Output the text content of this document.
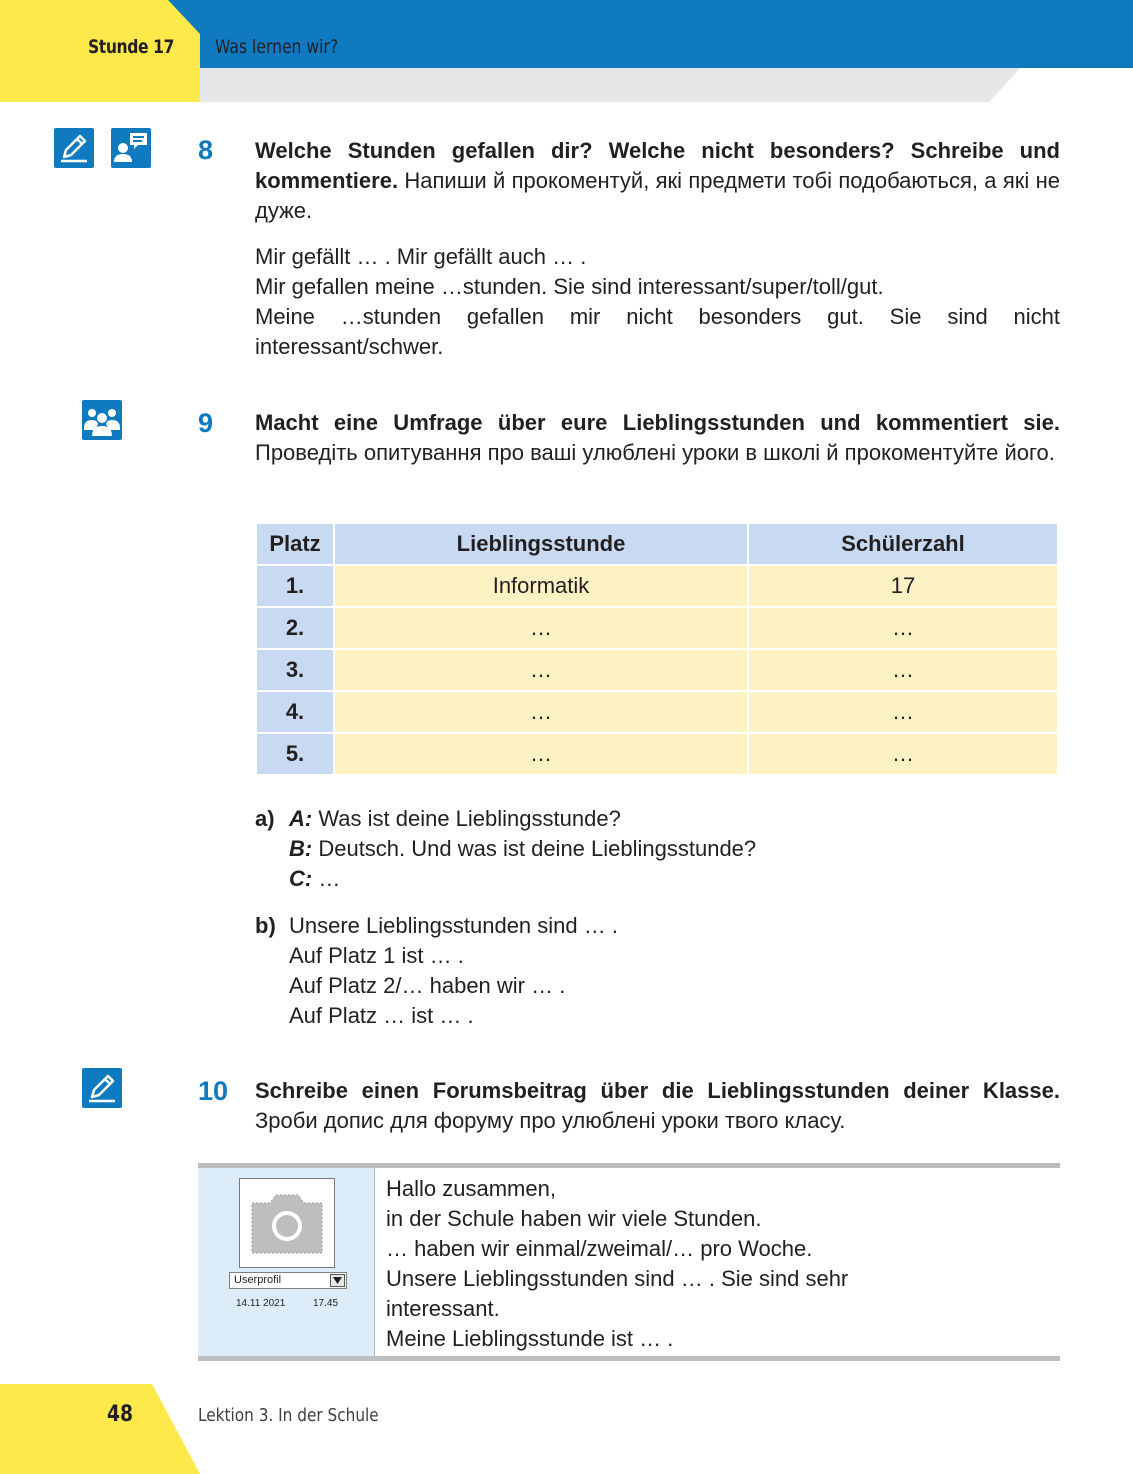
Stunde 17 Was lernen wir?
8 Welche Stunden gefallen dir? Welche nicht besonders? Schreibe und kommentiere. Напиши й прокоментуй, які предмети тобі подобаються, а які не дуже.
Mir gefällt … . Mir gefällt auch … .
Mir gefallen meine …stunden. Sie sind interessant/super/toll/gut.
Meine …stunden gefallen mir nicht besonders gut. Sie sind nicht
interessant/schwer.
9 Macht eine Umfrage über eure Lieblingsstunden und kommentiert sie. Проведіть опитування про ваші улюблені уроки в школі й прокоментуйте його.
Platz	Lieblingsstunde	Schülerzahl
1.	Informatik	17
2.	…	…
3.	…	…
4.	…	…
5.	…	…
a) A: Was ist deine Lieblingsstunde?
B: Deutsch. Und was ist deine Lieblingsstunde?
C: …
b) Unsere Lieblingsstunden sind … .
Auf Platz 1 ist … .
Auf Platz 2/… haben wir … .
Auf Platz … ist … .
10 Schreibe einen Forumsbeitrag über die Lieblingsstunden deiner Klasse. Зроби допис для форуму про улюблені уроки твого класу.
Userprofil
14.11 2021	17.45
Hallo zusammen,
in der Schule haben wir viele Stunden.
… haben wir einmal/zweimal/… pro Woche.
Unsere Lieblingsstunden sind … . Sie sind sehr
interessant.
Meine Lieblingsstunde ist … .
48	Lektion 3. In der Schule
